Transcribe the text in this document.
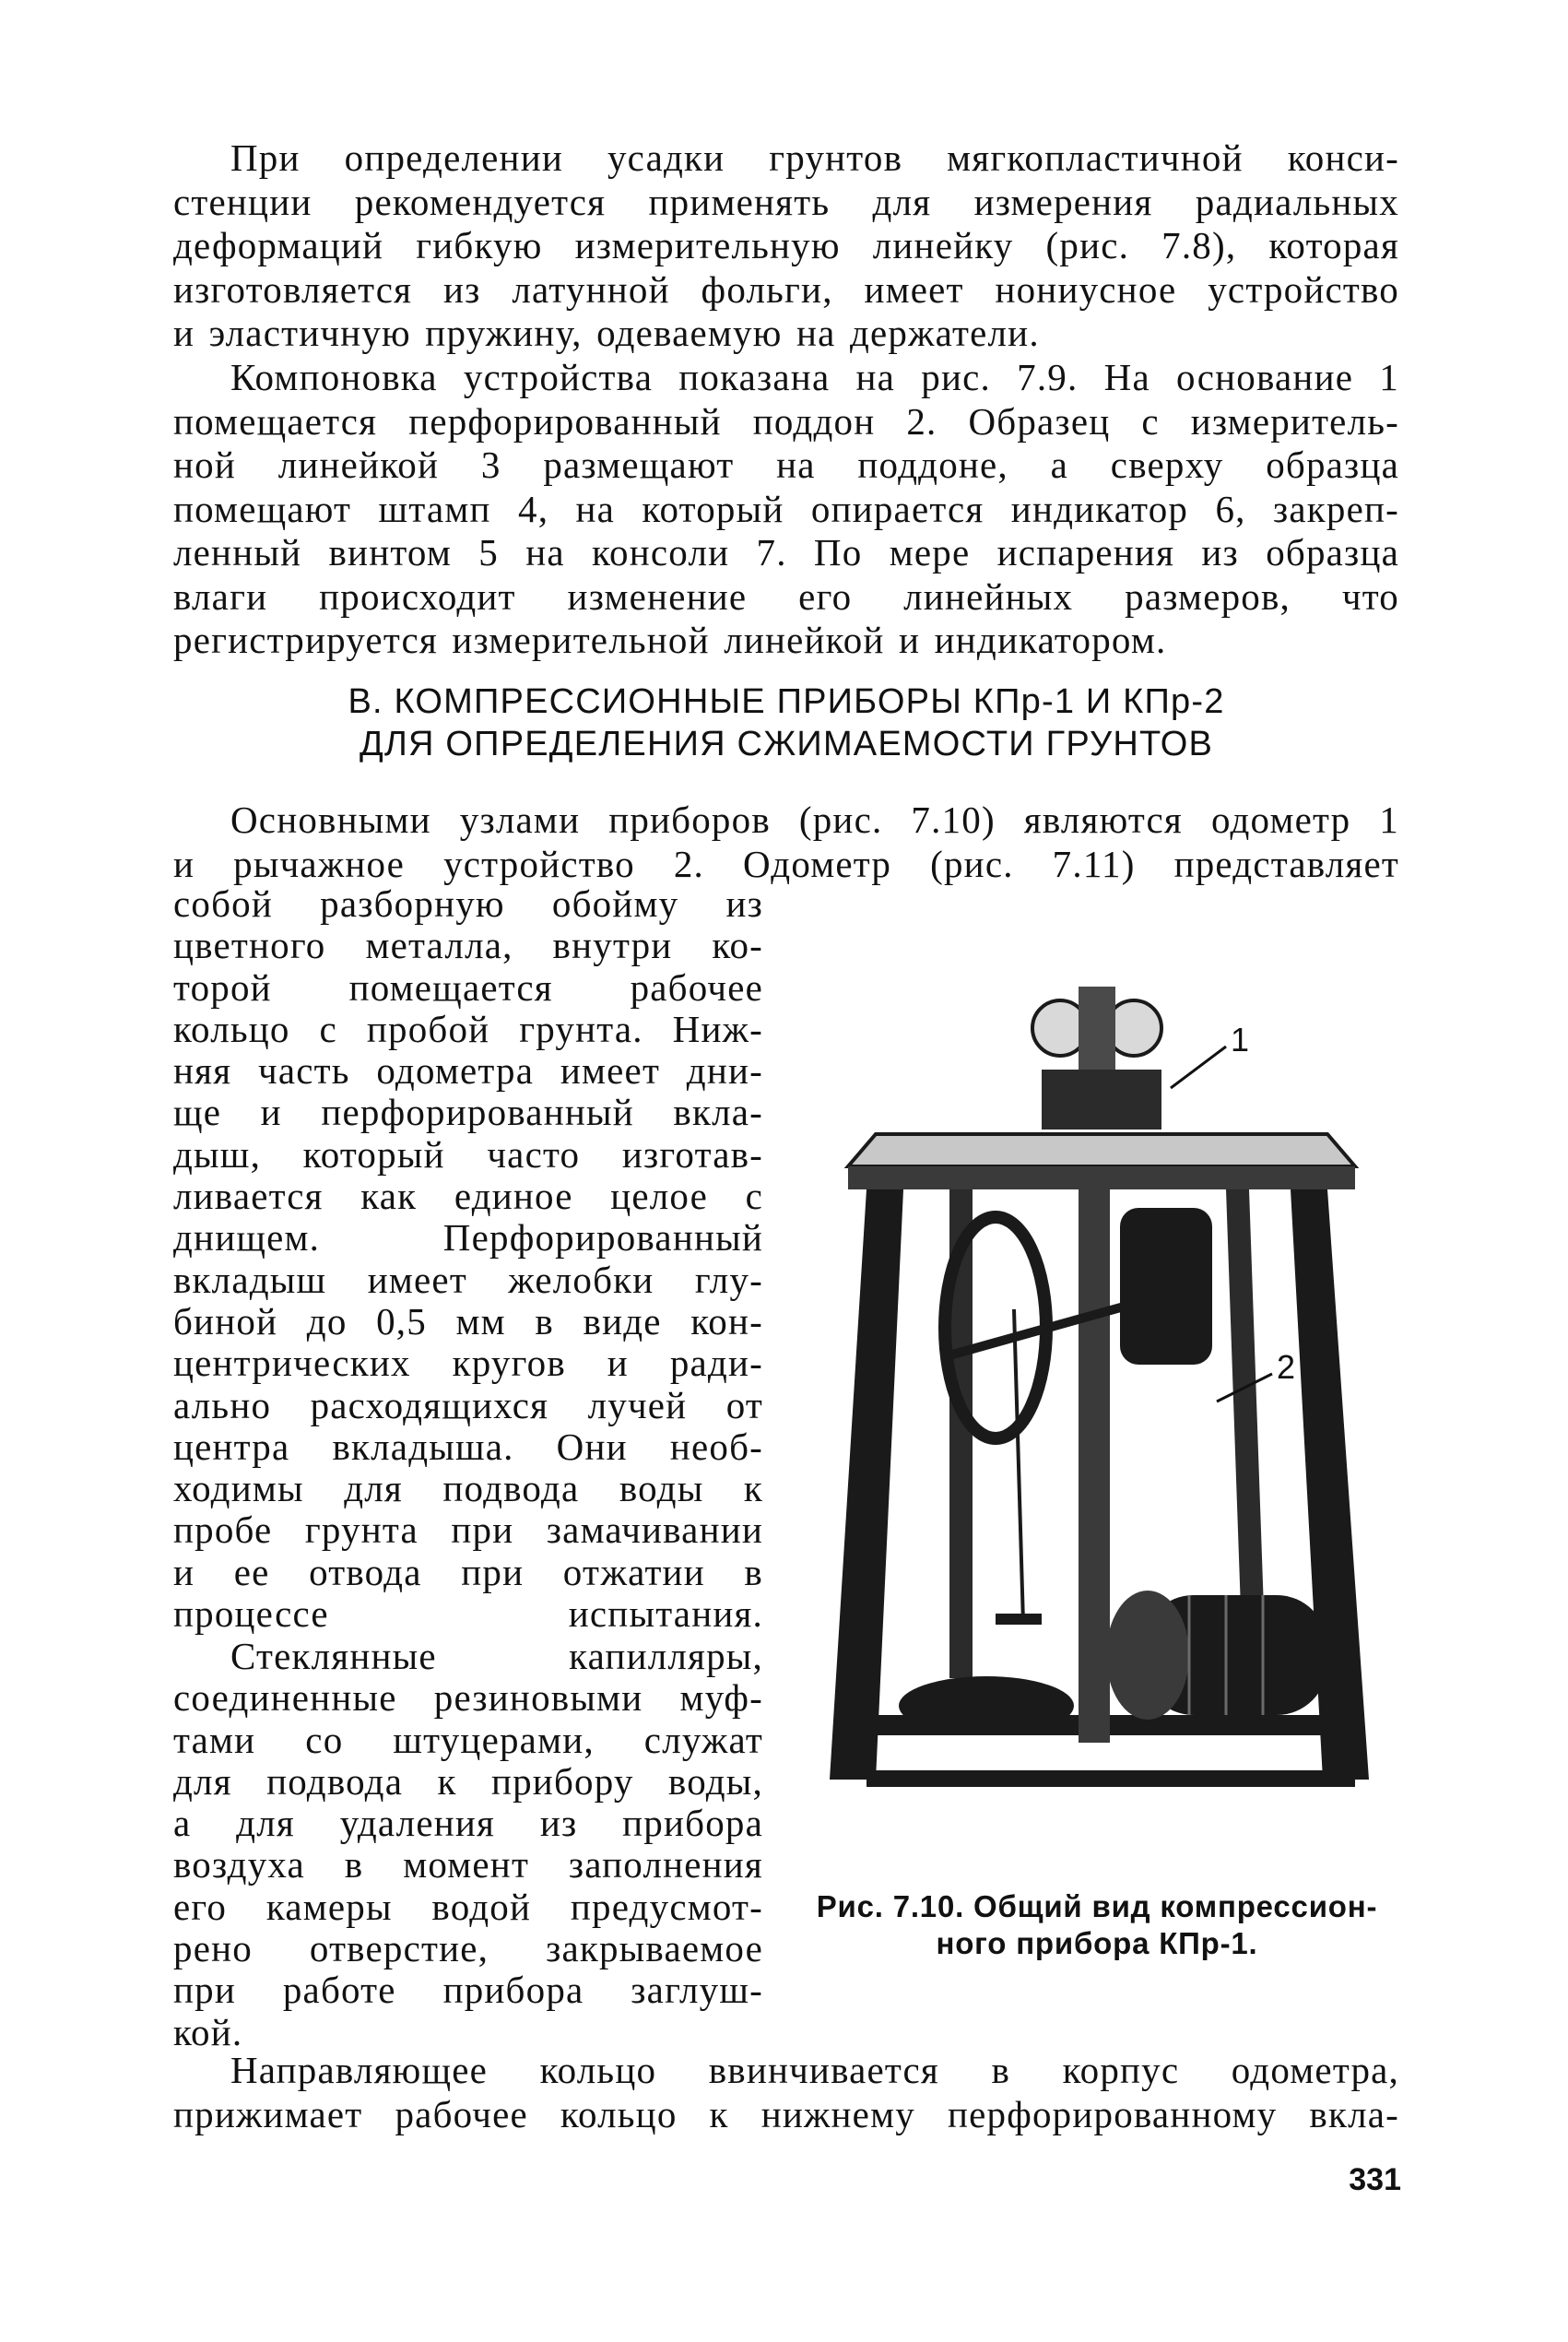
При определении усадки грунтов мягкопластичной конси-
стенции рекомендуется применять для измерения радиальных
деформаций гибкую измерительную линейку (рис. 7.8), которая
изготовляется из латунной фольги, имеет нониусное устройство
и эластичную пружину, одеваемую на держатели.
Компоновка устройства показана на рис. 7.9. На основание 1
помещается перфорированный поддон 2. Образец с измеритель-
ной линейкой 3 размещают на поддоне, а сверху образца
помещают штамп 4, на который опирается индикатор 6, закреп-
ленный винтом 5 на консоли 7. По мере испарения из образца
влаги происходит изменение его линейных размеров, что
регистрируется измерительной линейкой и индикатором.
В. КОМПРЕССИОННЫЕ ПРИБОРЫ КПр-1 И КПр-2
ДЛЯ ОПРЕДЕЛЕНИЯ СЖИМАЕМОСТИ ГРУНТОВ
Основными узлами приборов (рис. 7.10) являются одометр 1
и рычажное устройство 2. Одометр (рис. 7.11) представляет
собой разборную обойму из
цветного металла, внутри ко-
торой помещается рабочее
кольцо с пробой грунта. Ниж-
няя часть одометра имеет дни-
ще и перфорированный вкла-
дыш, который часто изготав-
ливается как единое целое с
днищем. Перфорированный
вкладыш имеет желобки глу-
биной до 0,5 мм в виде кон-
центрических кругов и ради-
ально расходящихся лучей от
центра вкладыша. Они необ-
ходимы для подвода воды к
пробе грунта при замачивании
и ее отвода при отжатии в
процессе испытания.
Стеклянные капилляры,
соединенные резиновыми муф-
тами со штуцерами, служат
для подвода к прибору воды,
а для удаления из прибора
воздуха в момент заполнения
его камеры водой предусмот-
рено отверстие, закрываемое
при работе прибора заглуш-
кой.
1
2
Рис. 7.10. Общий вид компрессион-
ного прибора КПр-1.
Направляющее кольцо ввинчивается в корпус одометра,
прижимает рабочее кольцо к нижнему перфорированному вкла-
331
